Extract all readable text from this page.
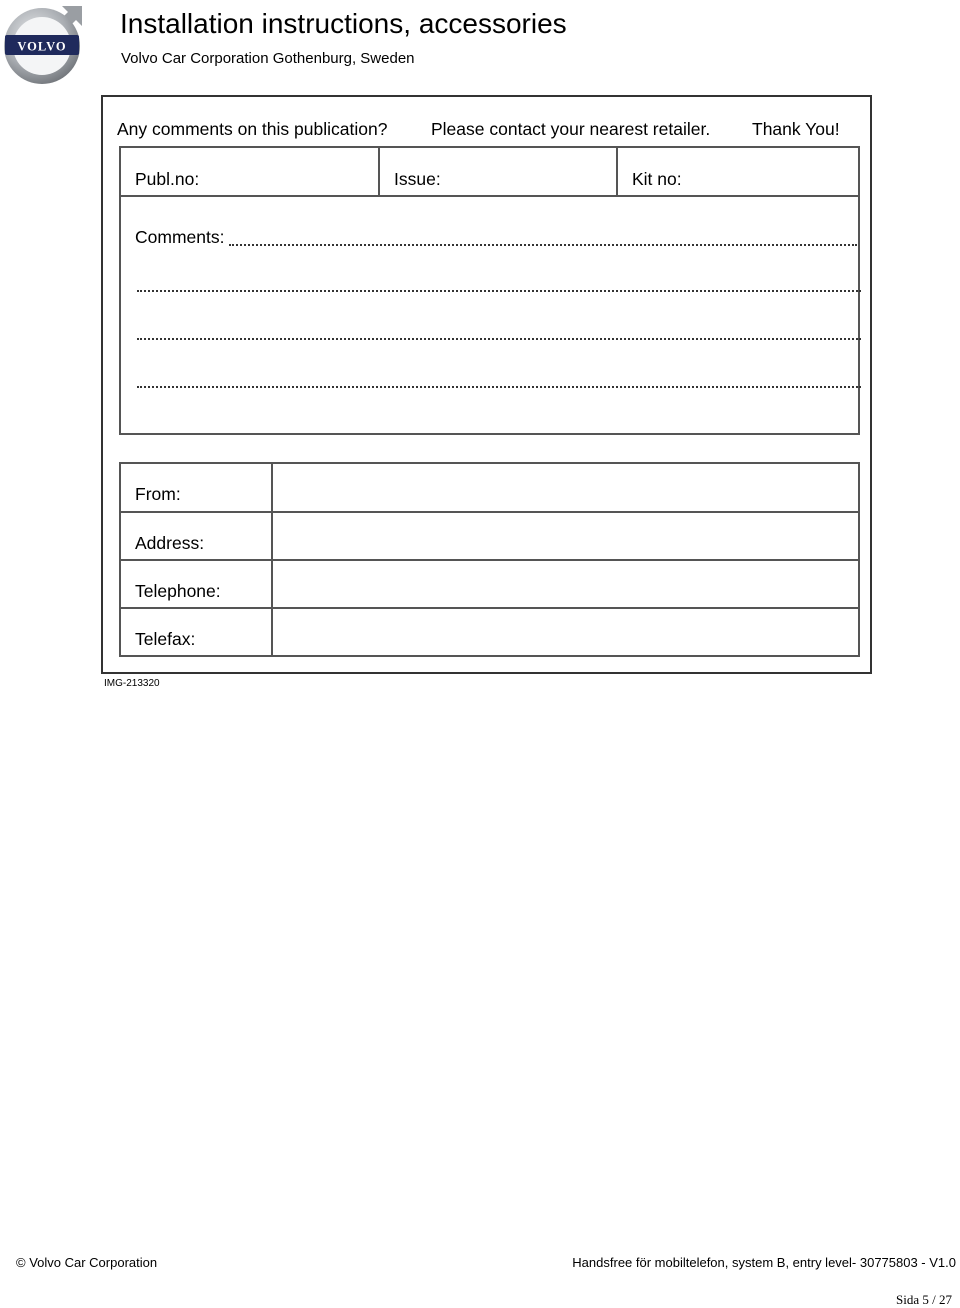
VOLVO
Installation instructions, accessories
Volvo Car Corporation Gothenburg, Sweden
Any comments on this publication? Please contact your nearest retailer. Thank You!
Publ.no:	Issue:	Kit no:
Comments:
From:
Address:
Telephone:
Telefax:
IMG-213320
© Volvo Car Corporation	Handsfree för mobiltelefon, system B, entry level- 30775803 - V1.0
Sida 5 / 27
